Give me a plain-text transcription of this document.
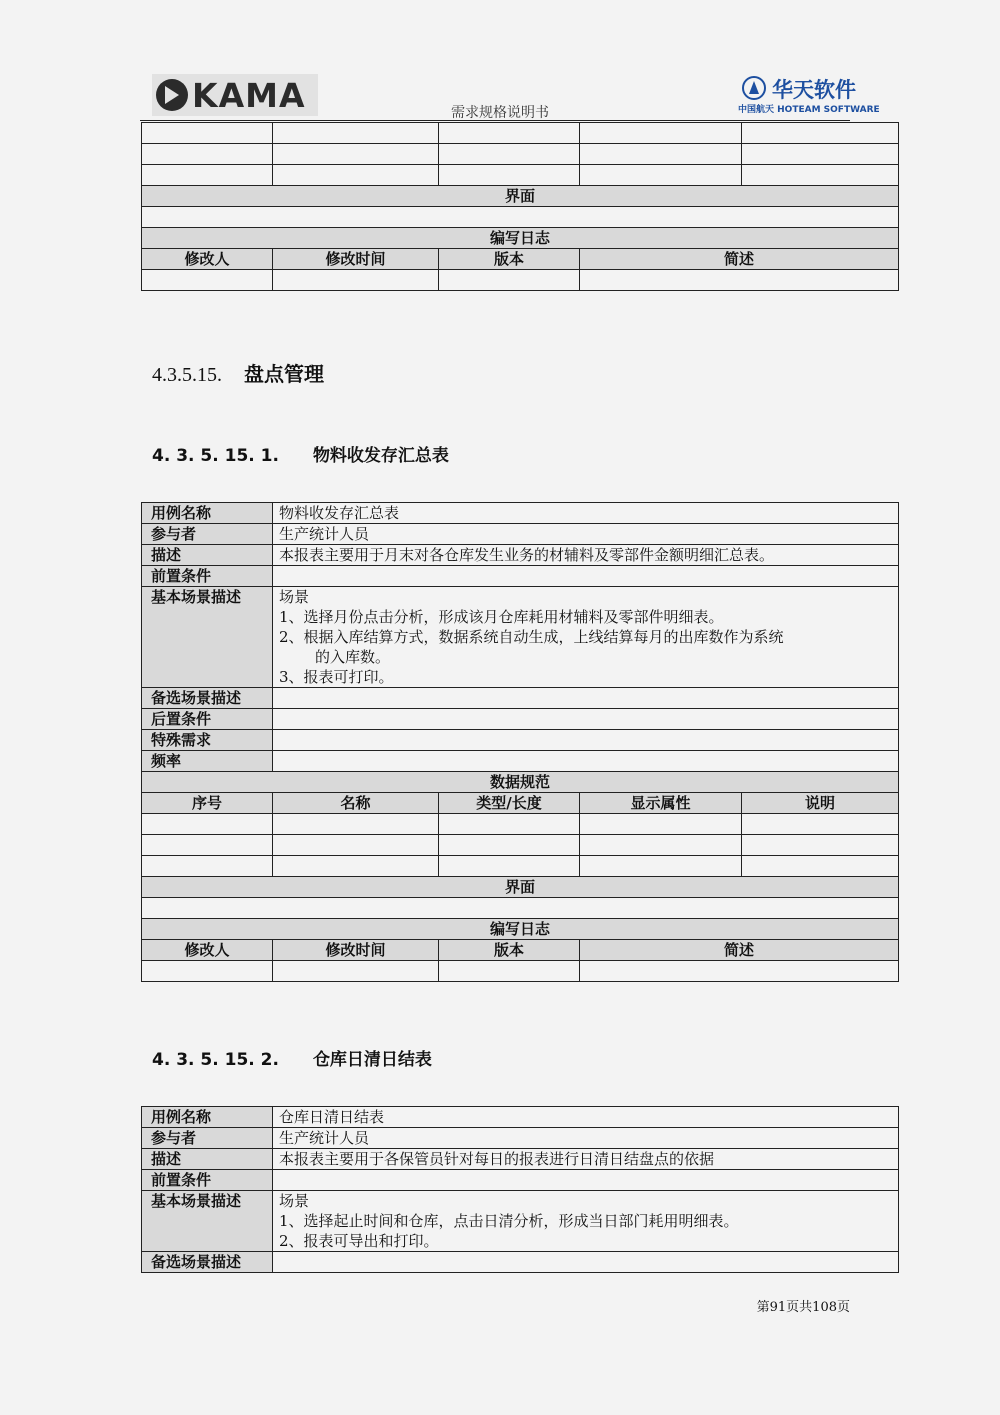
KAMA	需求规格说明书
华天软件
中国航天 HOTEAM SOFTWARE

界面				

编写日志				
修改人	修改时间	版本	简述	

4.3.5.15. 盘点管理
4. 3. 5. 15. 1. 物料收发存汇总表
用例名称	物料收发存汇总表			
参与者	生产统计人员			
描述	本报表主要用于月末对各仓库发生业务的材辅料及零部件金额明细汇总表。			
前置条件				
基本场景描述	场景
1、选择月份点击分析，形成该月仓库耗用材辅料及零部件明细表。
2、根据入库结算方式，数据系统自动生成，上线结算每月的出库数作为系统
的入库数。
3、报表可打印。			

备选场景描述				
后置条件				
特殊需求				
频率				
数据规范				
序号	名称	类型/长度	显示属性	说明

界面				

编写日志				
修改人	修改时间	版本	简述	

4. 3. 5. 15. 2. 仓库日清日结表
用例名称	仓库日清日结表
参与者	生产统计人员
描述	本报表主要用于各保管员针对每日的报表进行日清日结盘点的依据
前置条件	
基本场景描述	场景
1、选择起止时间和仓库，点击日清分析，形成当日部门耗用明细表。
2、报表可导出和打印。

备选场景描述	
第91页共108页
